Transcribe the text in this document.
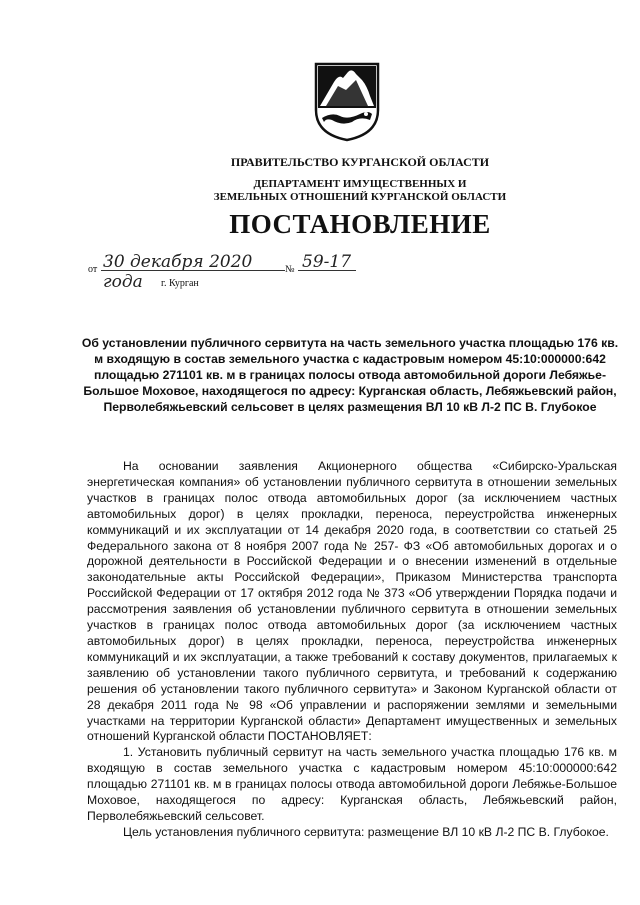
ПРАВИТЕЛЬСТВО КУРГАНСКОЙ ОБЛАСТИ
ДЕПАРТАМЕНТ ИМУЩЕСТВЕННЫХ И
ЗЕМЕЛЬНЫХ ОТНОШЕНИЙ КУРГАНСКОЙ ОБЛАСТИ
ПОСТАНОВЛЕНИЕ
от 30 декабря 2020 года
№ 59-17
г. Курган
Об установлении публичного сервитута на часть земельного участка площадью 176 кв. м входящую в состав земельного участка с кадастровым номером 45:10:000000:642 площадью 271101 кв. м в границах полосы отвода автомобильной дороги Лебяжье-Большое Моховое, находящегося по адресу: Курганская область, Лебяжьевский район, Перволебяжьевский сельсовет в целях размещения ВЛ 10 кВ Л-2 ПС В. Глубокое

На основании заявления Акционерного общества «Сибирско-Уральская энергетическая компания» об установлении публичного сервитута в отношении земельных участков в границах полос отвода автомобильных дорог (за исключением частных автомобильных дорог) в целях прокладки, переноса, переустройства инженерных коммуникаций и их эксплуатации от 14 декабря 2020 года, в соответствии со статьей 25 Федерального закона от 8 ноября 2007 года № 257- ФЗ «Об автомобильных дорогах и о дорожной деятельности в Российской Федерации и о внесении изменений в отдельные законодательные акты Российской Федерации», Приказом Министерства транспорта Российской Федерации от 17 октября 2012 года № 373 «Об утверждении Порядка подачи и рассмотрения заявления об установлении публичного сервитута в отношении земельных участков в границах полос отвода автомобильных дорог (за исключением частных автомобильных дорог) в целях прокладки, переноса, переустройства инженерных коммуникаций и их эксплуатации, а также требований к составу документов, прилагаемых к заявлению об установлении такого публичного сервитута, и требований к содержанию решения об установлении такого публичного сервитута» и Законом Курганской области от 28 декабря 2011 года № 98 «Об управлении и распоряжении землями и земельными участками на территории Курганской области» Департамент имущественных и земельных отношений Курганской области ПОСТАНОВЛЯЕТ:

1. Установить публичный сервитут на часть земельного участка площадью 176 кв. м входящую в состав земельного участка с кадастровым номером 45:10:000000:642 площадью 271101 кв. м в границах полосы отвода автомобильной дороги Лебяжье-Большое Моховое, находящегося по адресу: Курганская область, Лебяжьевский район, Перволебяжьевский сельсовет.

Цель установления публичного сервитута: размещение ВЛ 10 кВ Л-2 ПС В. Глубокое.
